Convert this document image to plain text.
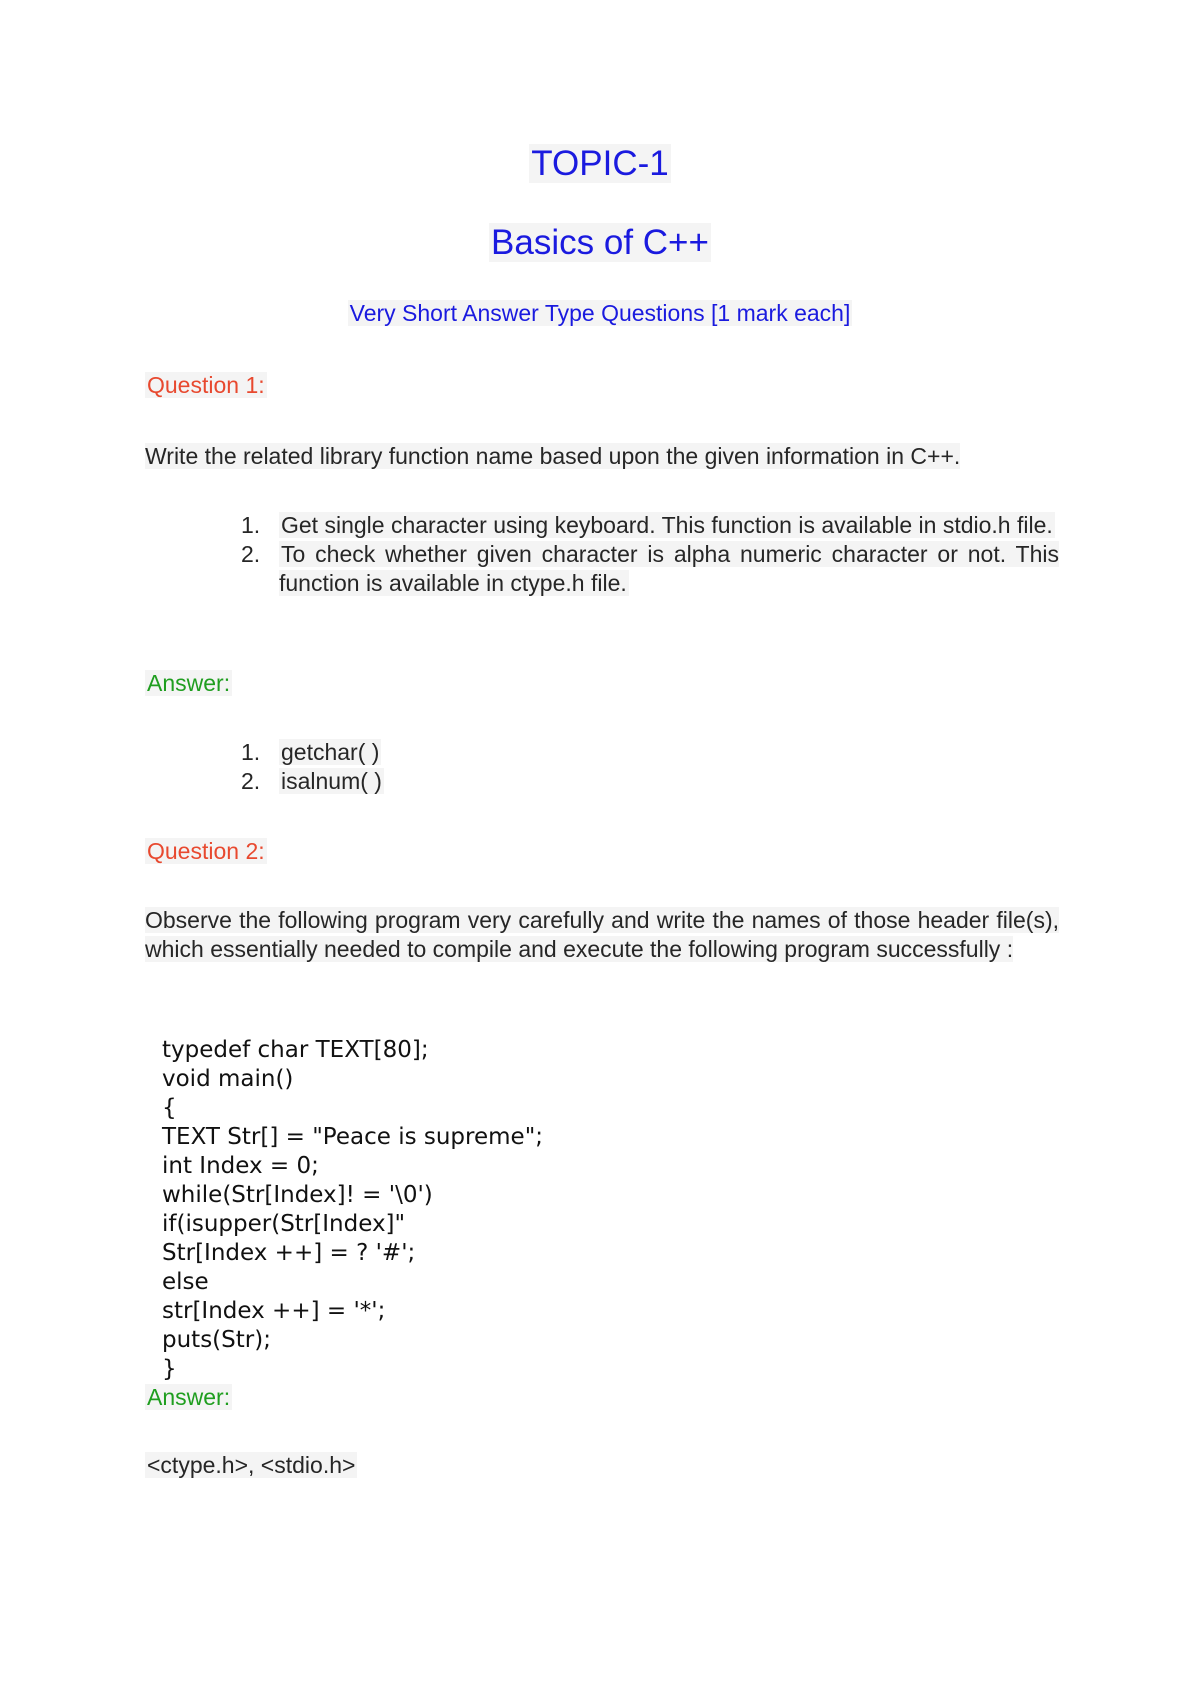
TOPIC-1
Basics of C++
Very Short Answer Type Questions [1 mark each]
Question 1:
Write the related library function name based upon the given information in C++.
1. Get single character using keyboard. This function is available in stdio.h file.
2. To check whether given character is alpha numeric character or not. This function is available in ctype.h file.
Answer:
1. getchar( )
2. isalnum( )
Question 2:
Observe the following program very carefully and write the names of those header file(s), which essentially needed to compile and execute the following program successfully :
typedef char TEXT[80];
void main()
{
TEXT Str[] = "Peace is supreme";
int Index = 0;
while(Str[Index]! = '\0')
if(isupper(Str[Index]"
Str[Index ++] = ? '#';
else
str[Index ++] = '*';
puts(Str);
}
Answer:
<ctype.h>, <stdio.h>
